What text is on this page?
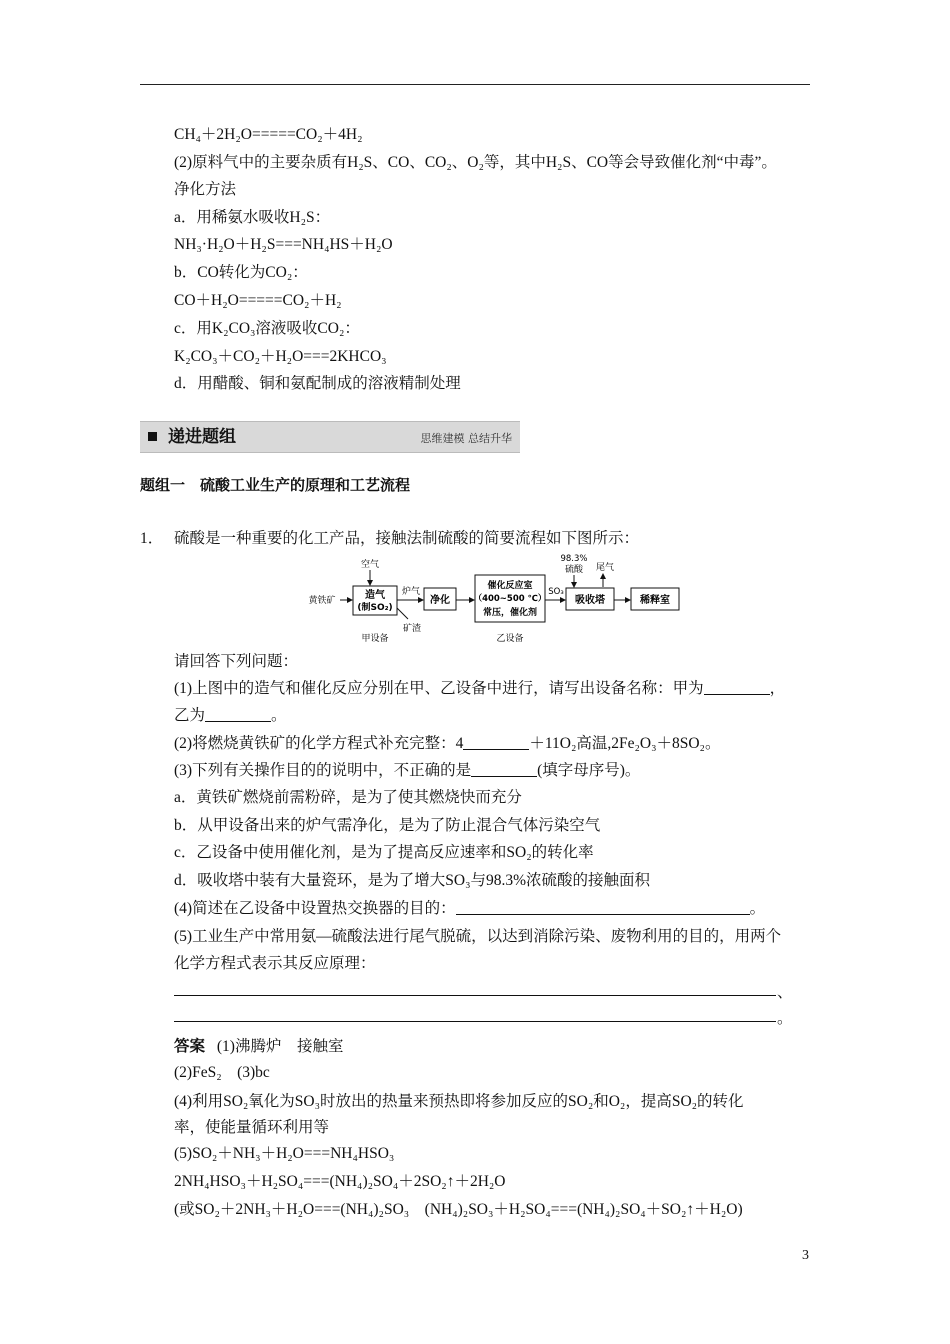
CH₄＋2H₂O=====CO₂＋4H₂
(2)原料气中的主要杂质有H₂S、CO、CO₂、O₂等，其中H₂S、CO等会导致催化剂“中毒”。
净化方法
a．用稀氨水吸收H₂S：
NH₃·H₂O＋H₂S===NH₄HS＋H₂O
b．CO转化为CO₂：
CO＋H₂O=====CO₂＋H₂
c．用K₂CO₃溶液吸收CO₂：
K₂CO₃＋CO₂＋H₂O===2KHCO₃
d．用醋酸、铜和氨配制成的溶液精制处理
递进题组	思维建模 总结升华
题组一　硫酸工业生产的原理和工艺流程
1． 硫酸是一种重要的化工产品，接触法制硫酸的简要流程如下图所示：
空气
黄铁矿	造气
(制SO₂)
炉气
矿渣
甲设备
净化
催化反应室
（400~500 ℃）
常压，催化剂
乙设备
SO₃
98.3%
硫酸 尾气
吸收塔	稀释室
请回答下列问题：
(1)上图中的造气和催化反应分别在甲、乙设备中进行，请写出设备名称：甲为	，
乙为	。
(2)将燃烧黄铁矿的化学方程式补充完整：4	＋11O₂高温,2Fe₂O₃＋8SO₂。
(3)下列有关操作目的的说明中，不正确的是	(填字母序号)。
a．黄铁矿燃烧前需粉碎，是为了使其燃烧快而充分
b．从甲设备出来的炉气需净化，是为了防止混合气体污染空气
c．乙设备中使用催化剂，是为了提高反应速率和SO₂的转化率
d．吸收塔中装有大量瓷环，是为了增大SO₃与98.3%浓硫酸的接触面积
(4)简述在乙设备中设置热交换器的目的：	。
(5)工业生产中常用氨—硫酸法进行尾气脱硫，以达到消除污染、废物利用的目的，用两个
化学方程式表示其反应原理：
、
。
答案 (1)沸腾炉　接触室
(2)FeS₂　(3)bc
(4)利用SO₂氧化为SO₃时放出的热量来预热即将参加反应的SO₂和O₂，提高SO₂的转化
率，使能量循环利用等
(5)SO₂＋NH₃＋H₂O===NH₄HSO₃
2NH₄HSO₃＋H₂SO₄===(NH₄)₂SO₄＋2SO₂↑＋2H₂O
(或SO₂＋2NH₃＋H₂O===(NH₄)₂SO₃　(NH₄)₂SO₃＋H₂SO₄===(NH₄)₂SO₄＋SO₂↑＋H₂O)
3
